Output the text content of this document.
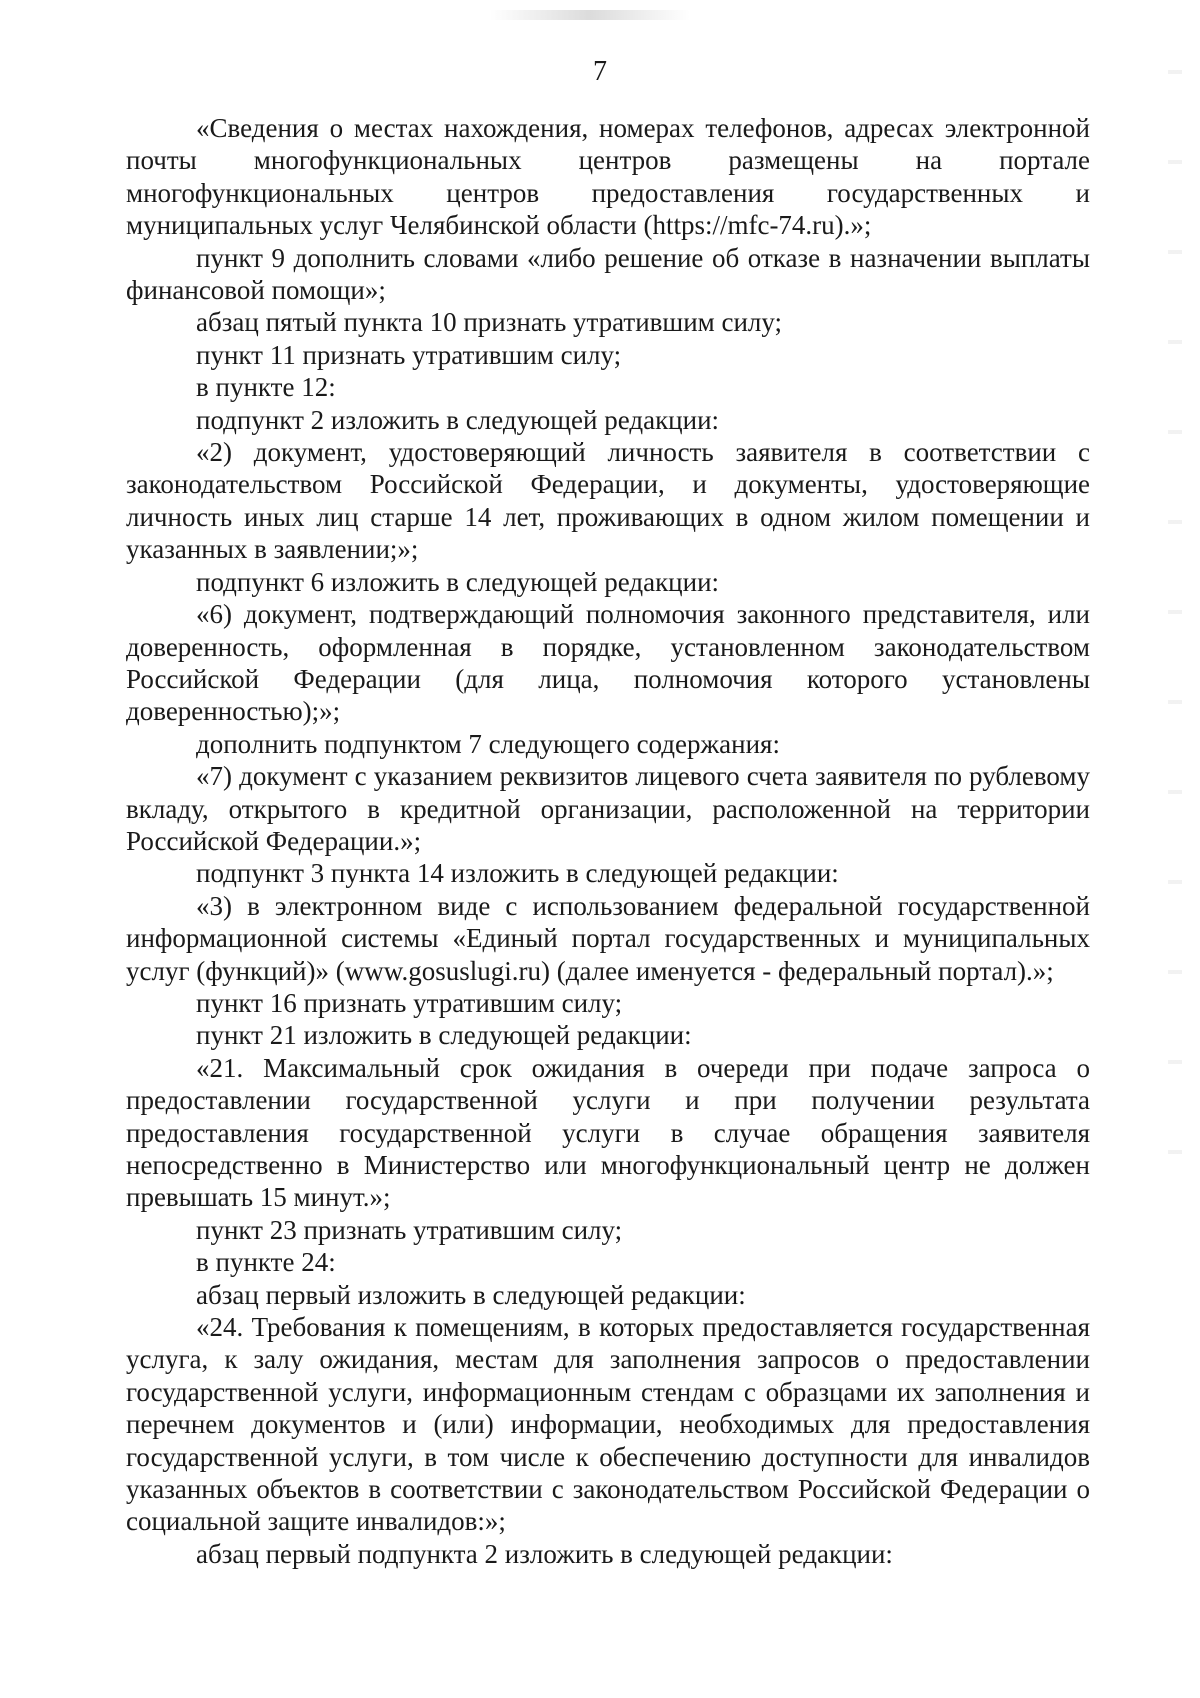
7

«Сведения о местах нахождения, номерах телефонов, адресах электронной почты многофункциональных центров размещены на портале многофункциональных центров предоставления государственных и муниципальных услуг Челябинской области (https://mfc-74.ru).»;

пункт 9 дополнить словами «либо решение об отказе в назначении выплаты финансовой помощи»;

абзац пятый пункта 10 признать утратившим силу;

пункт 11 признать утратившим силу;

в пункте 12:

подпункт 2 изложить в следующей редакции:

«2) документ, удостоверяющий личность заявителя в соответствии с законодательством Российской Федерации, и документы, удостоверяющие личность иных лиц старше 14 лет, проживающих в одном жилом помещении и указанных в заявлении;»;

подпункт 6 изложить в следующей редакции:

«6) документ, подтверждающий полномочия законного представителя, или доверенность, оформленная в порядке, установленном законодательством Российской Федерации (для лица, полномочия которого установлены доверенностью);»;

дополнить подпунктом 7 следующего содержания:

«7) документ с указанием реквизитов лицевого счета заявителя по рублевому вкладу, открытого в кредитной организации, расположенной на территории Российской Федерации.»;

подпункт 3 пункта 14 изложить в следующей редакции:

«3) в электронном виде с использованием федеральной государственной информационной системы «Единый портал государственных и муниципальных услуг (функций)» (www.gosuslugi.ru) (далее именуется - федеральный портал).»;

пункт 16 признать утратившим силу;

пункт 21 изложить в следующей редакции:

«21. Максимальный срок ожидания в очереди при подаче запроса о предоставлении государственной услуги и при получении результата предоставления государственной услуги в случае обращения заявителя непосредственно в Министерство или многофункциональный центр не должен превышать 15 минут.»;

пункт 23 признать утратившим силу;

в пункте 24:

абзац первый изложить в следующей редакции:

«24. Требования к помещениям, в которых предоставляется государственная услуга, к залу ожидания, местам для заполнения запросов о предоставлении государственной услуги, информационным стендам с образцами их заполнения и перечнем документов и (или) информации, необходимых для предоставления государственной услуги, в том числе к обеспечению доступности для инвалидов указанных объектов в соответствии с законодательством Российской Федерации о социальной защите инвалидов:»;

абзац первый подпункта 2 изложить в следующей редакции:
